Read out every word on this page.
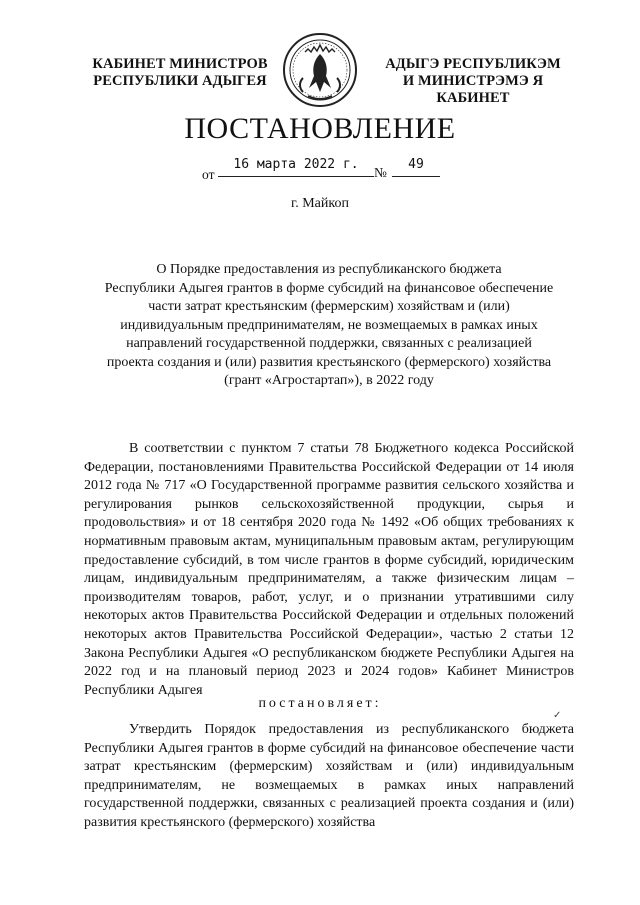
КАБИНЕТ МИНИСТРОВ
РЕСПУБЛИКИ АДЫГЕЯ
АДЫГЭ РЕСПУБЛИКЭМ
И МИНИСТРЭМЭ Я КАБИНЕТ
ПОСТАНОВЛЕНИЕ
от
16 марта 2022 г.
№
49
г. Майкоп
О Порядке предоставления из республиканского бюджета
Республики Адыгея грантов в форме субсидий на финансовое обеспечение
части затрат крестьянским (фермерским) хозяйствам и (или)
индивидуальным предпринимателям, не возмещаемых в рамках иных
направлений государственной поддержки, связанных с реализацией
проекта создания и (или) развития крестьянского (фермерского) хозяйства
(грант «Агростартап»), в 2022 году

В соответствии с пунктом 7 статьи 78 Бюджетного кодекса Российской Федерации, постановлениями Правительства Российской Федерации от 14 июля 2012 года № 717 «О Государственной программе развития сельского хозяйства и регулирования рынков сельскохозяйственной продукции, сырья и продовольствия» и от 18 сентября 2020 года № 1492 «Об общих требованиях к нормативным правовым актам, муниципальным правовым актам, регулирующим предоставление субсидий, в том числе грантов в форме субсидий, юридическим лицам, индивидуальным предпринимателям, а также физическим лицам – производителям товаров, работ, услуг, и о признании утратившими силу некоторых актов Правительства Российской Федерации и отдельных положений некоторых актов Правительства Российской Федерации», частью 2 статьи 12 Закона Республики Адыгея «О республиканском бюджете Республики Адыгея на 2022 год и на плановый период 2023 и 2024 годов» Кабинет Министров Республики Адыгея

постановляет:
✓

Утвердить Порядок предоставления из республиканского бюджета Республики Адыгея грантов в форме субсидий на финансовое обеспечение части затрат крестьянским (фермерским) хозяйствам и (или) индивидуальным предпринимателям, не возмещаемых в рамках иных направлений государственной поддержки, связанных с реализацией проекта создания и (или) развития крестьянского (фермерского) хозяйства
